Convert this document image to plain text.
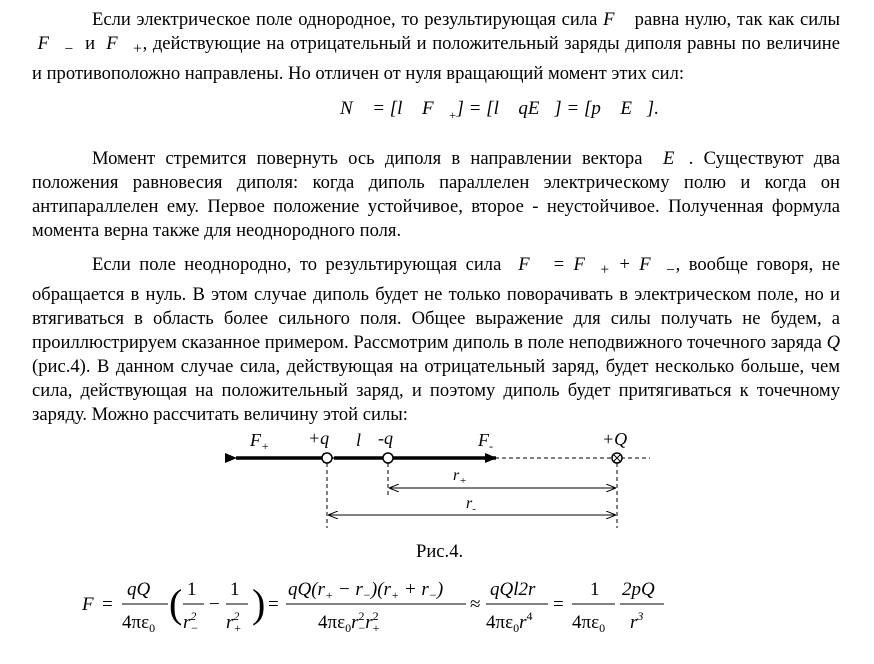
Если электрическое поле однородное, то результирующая сила F⃗ равна нулю, так как силы  $F⃗_-$ и  $F⃗_+$, действующие на отрицательный и положительный заряды диполя равны по величине и противоположно направлены. Но отличен от нуля вращающий момент этих сил:
N⃗ = [l⃗ $F⃗_+$] = [l⃗ qE⃗] = [p⃗ E⃗].
Момент стремится повернуть ось диполя в направлении вектора  E⃗. Существуют два положения равновесия диполя: когда диполь параллелен электрическому полю и когда он антипараллелен ему. Первое положение устойчивое, второе - неустойчивое. Полученная формула момента верна также для неоднородного поля.
Если поле неоднородно, то результирующая сила  F⃗ = $F⃗_+$ + $F⃗_-$, вообще говоря, не обращается в нуль. В этом случае диполь будет не только поворачивать в электрическом поле, но и втягиваться в область более сильного поля. Общее выражение для силы получать не будем, а проиллюстрируем сказанное примером. Рассмотрим диполь в поле неподвижного точечного заряда Q (рис.4). В данном случае сила, действующая на отрицательный заряд, будет несколько больше, чем сила, действующая на положительный заряд, и поэтому диполь будет притягиваться к точечному заряду. Можно рассчитать величину этой силы:
$F_+ +q$ l⃗ -q	$F_-$	+Q
$r_+$
$r_-$
Рис.4.
F =
qQ
$4\pi\varepsilon_0$
( 1
$r^2$ −
−
1
$r^2$ +
) =
$qQ(r_+ - r_-)(r_+ + r_-)$
$4\pi\varepsilon_0r^2 -r^2$ +
≈
qQl2r
$4\pi\varepsilon_0r^4$
=
1
$4\pi\varepsilon_0$
2pQ
$r^3$
